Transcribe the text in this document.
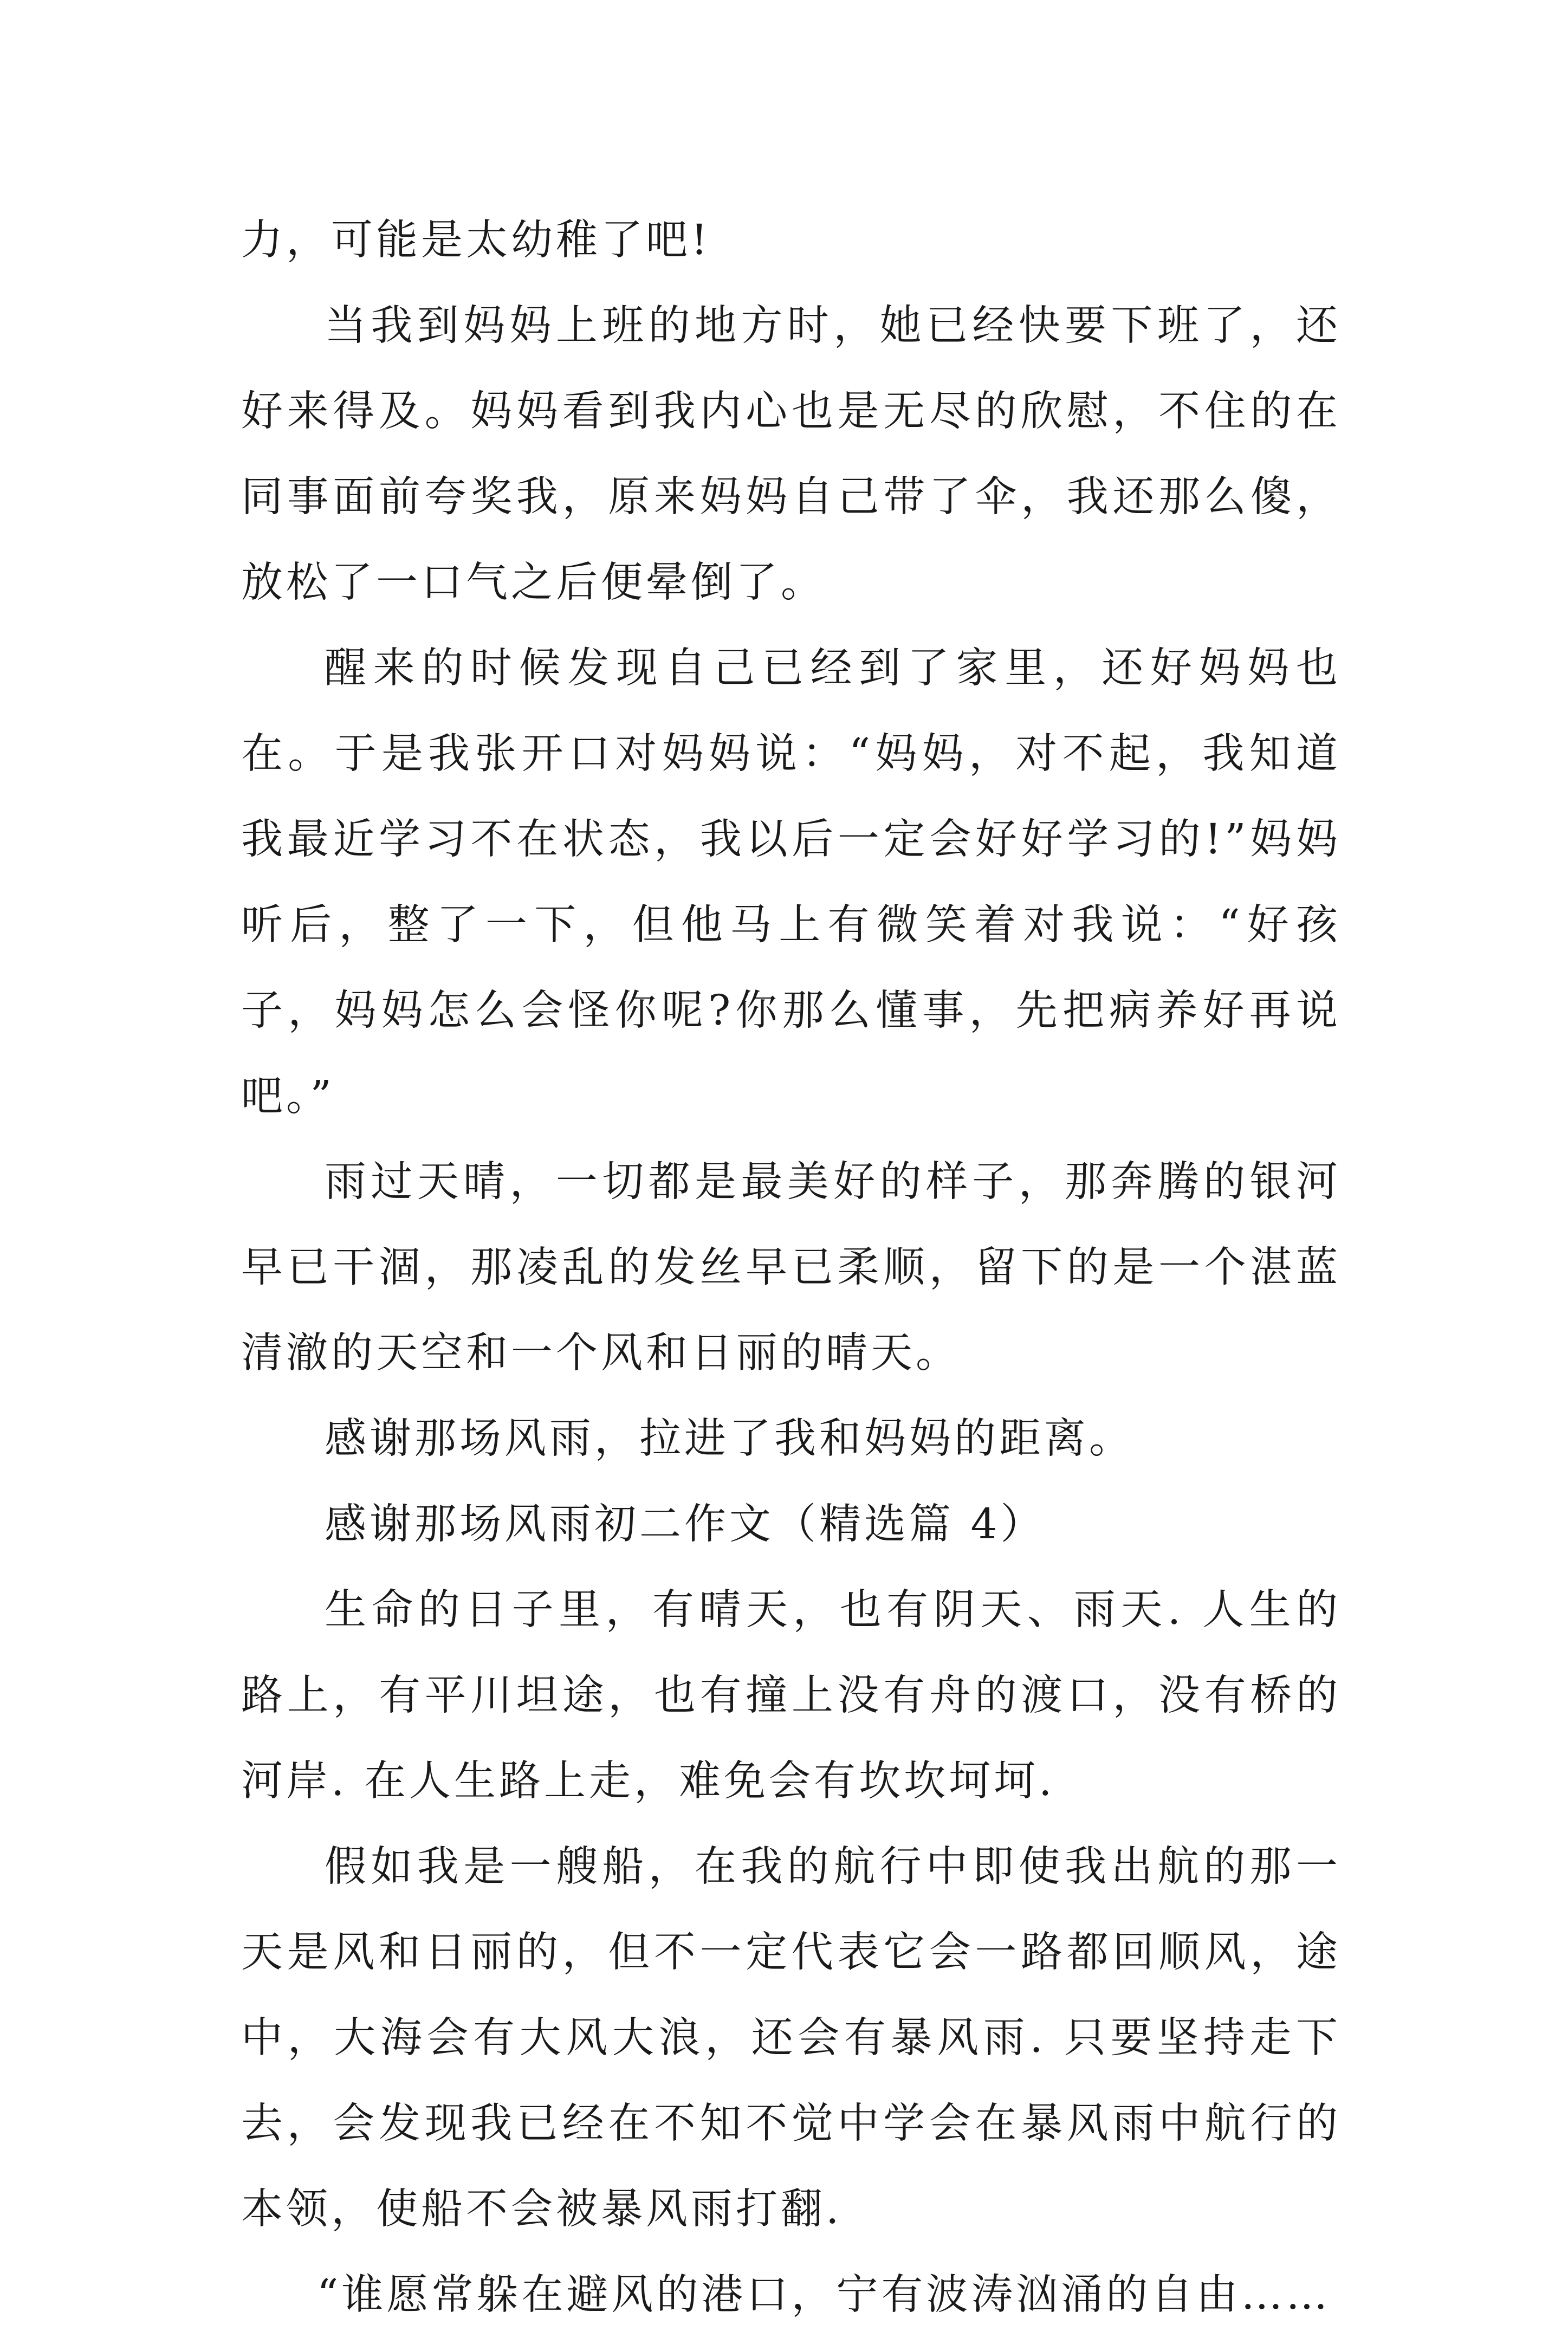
力，可能是太幼稚了吧!

当我到妈妈上班的地方时，她已经快要下班了，还好来得及。妈妈看到我内心也是无尽的欣慰，不住的在同事面前夸奖我，原来妈妈自己带了伞，我还那么傻，放松了一口气之后便晕倒了。

醒来的时候发现自己已经到了家里，还好妈妈也在。于是我张开口对妈妈说：“妈妈，对不起，我知道我最近学习不在状态，我以后一定会好好学习的!”妈妈听后，整了一下，但他马上有微笑着对我说：“好孩子，妈妈怎么会怪你呢?你那么懂事，先把病养好再说吧。”

雨过天晴，一切都是最美好的样子，那奔腾的银河早已干涸，那凌乱的发丝早已柔顺，留下的是一个湛蓝清澈的天空和一个风和日丽的晴天。

感谢那场风雨，拉进了我和妈妈的距离。

感谢那场风雨初二作文（精选篇 4）

生命的日子里，有晴天，也有阴天、雨天. 人生的路上，有平川坦途，也有撞上没有舟的渡口，没有桥的河岸. 在人生路上走，难免会有坎坎坷坷.

假如我是一艘船，在我的航行中即使我出航的那一天是风和日丽的，但不一定代表它会一路都回顺风，途中，大海会有大风大浪，还会有暴风雨. 只要坚持走下去，会发现我已经在不知不觉中学会在暴风雨中航行的本领，使船不会被暴风雨打翻.

“谁愿常躲在避风的港口，宁有波涛汹涌的自由……
